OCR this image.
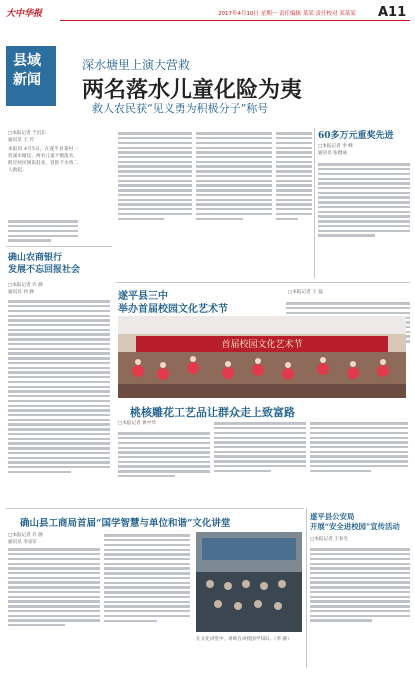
大中华报
县域
新闻
2017年4月10日 星期一 责任编辑 某某 责任校对 某某某 A11
深水塘里上演大营救
两名落水儿童化险为夷
救人农民获“见义勇为积极分子”称号
□本报记者 于沉东
通讯员 王 芳
本报讯 4月5日，在遂平县某村一处深水塘边，两名儿童不慎落水，附近村民闻讯赶来，冒险下水将二人救起。
60多万元重奖先进
□本报记者 李 峰
通讯员 张德成
确山农商银行
发展不忘回报社会
□本报记者 许 静
通讯员 何 静	遂平县三中
举办首届校园文化艺术节
□本报记者 王 磊
首届校园文化艺术节
桃核雕花工艺品让群众走上致富路
□本报记者 黄中华
确山县工商局首届“国学智慧与单位和谐”文化讲堂
□本报记者 许 静
通讯员 李彦军
在文化讲堂中，讲师在讲授国学知识。（李 静）
遂平县公安局
开展“安全进校园”宣传活动
□本报记者 王春光
